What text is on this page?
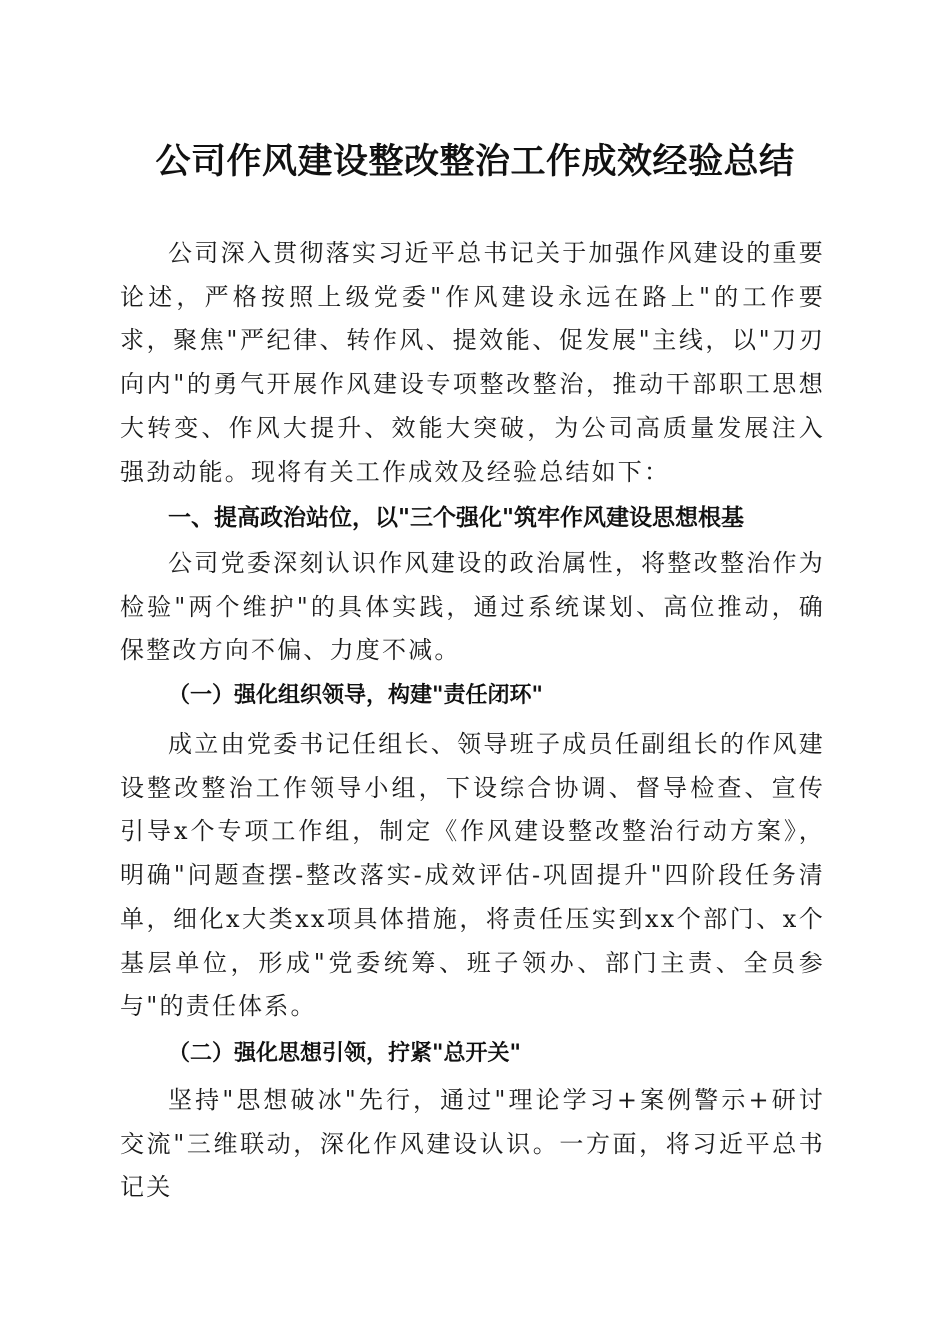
公司作风建设整改整治工作成效经验总结

公司深入贯彻落实习近平总书记关于加强作风建设的重要论述，严格按照上级党委"作风建设永远在路上"的工作要求，聚焦"严纪律、转作风、提效能、促发展"主线，以"刀刃向内"的勇气开展作风建设专项整改整治，推动干部职工思想大转变、作风大提升、效能大突破，为公司高质量发展注入强劲动能。现将有关工作成效及经验总结如下：

一、提高政治站位，以"三个强化"筑牢作风建设思想根基

公司党委深刻认识作风建设的政治属性，将整改整治作为检验"两个维护"的具体实践，通过系统谋划、高位推动，确保整改方向不偏、力度不减。

（一）强化组织领导，构建"责任闭环"

成立由党委书记任组长、领导班子成员任副组长的作风建设整改整治工作领导小组，下设综合协调、督导检查、宣传引导x个专项工作组，制定《作风建设整改整治行动方案》，明确"问题查摆-整改落实-成效评估-巩固提升"四阶段任务清单，细化x大类xx项具体措施，将责任压实到xx个部门、x个基层单位，形成"党委统筹、班子领办、部门主责、全员参与"的责任体系。

（二）强化思想引领，拧紧"总开关"

坚持"思想破冰"先行，通过"理论学习+案例警示+研讨交流"三维联动，深化作风建设认识。一方面，将习近平总书记关
